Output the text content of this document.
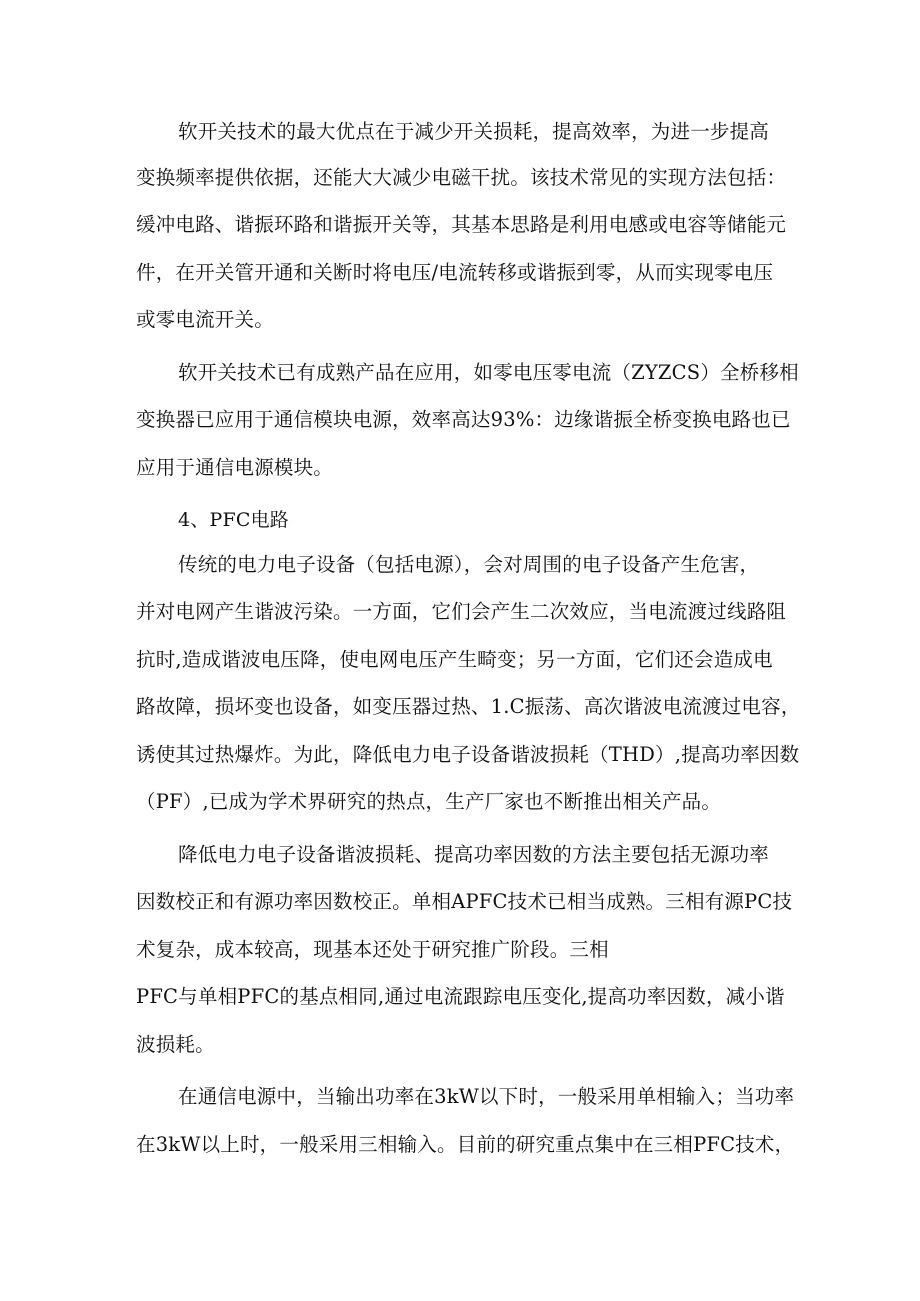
软开关技术的最大优点在于减少开关损耗，提高效率，为进一步提高
变换频率提供依据，还能大大减少电磁干扰。该技术常见的实现方法包括：
缓冲电路、谐振环路和谐振开关等，其基本思路是利用电感或电容等储能元
件，在开关管开通和关断时将电压/电流转移或谐振到零，从而实现零电压
或零电流开关。
软开关技术已有成熟产品在应用，如零电压零电流（ZYZCS）全桥移相
变换器已应用于通信模块电源，效率高达93%：边缘谐振全桥变换电路也已
应用于通信电源模块。
4、PFC电路
传统的电力电子设备（包括电源），会对周围的电子设备产生危害，
并对电网产生谐波污染。一方面，它们会产生二次效应，当电流渡过线路阻
抗时,造成谐波电压降，使电网电压产生畸变；另一方面，它们还会造成电
路故障，损坏变也设备，如变压器过热、1.C振荡、高次谐波电流渡过电容，
诱使其过热爆炸。为此，降低电力电子设备谐波损耗（THD）,提高功率因数
（PF）,已成为学术界研究的热点，生产厂家也不断推出相关产品。
降低电力电子设备谐波损耗、提高功率因数的方法主要包括无源功率
因数校正和有源功率因数校正。单相APFC技术已相当成熟。三相有源PC技
术复杂，成本较高，现基本还处于研究推广阶段。三相
PFC与单相PFC的基点相同,通过电流跟踪电压变化,提高功率因数，减小谐
波损耗。
在通信电源中，当输出功率在3kW以下时，一般采用单相输入；当功率
在3kW以上时，一般采用三相输入。目前的研究重点集中在三相PFC技术，
